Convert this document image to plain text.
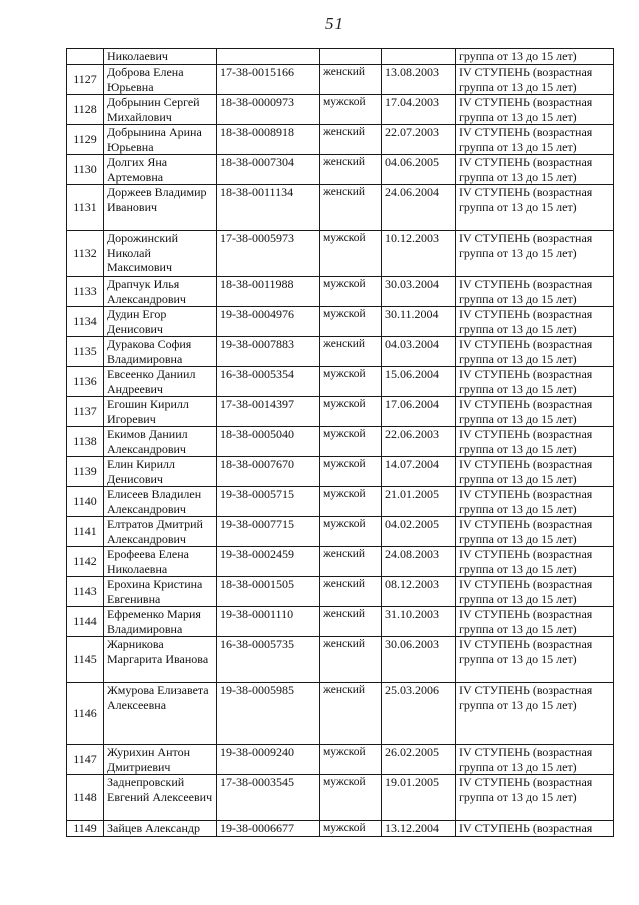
51
	Николаевич				группа от 13 до 15 лет)
1127	Доброва Елена Юрьевна	17-38-0015166	женский	13.08.2003	IV СТУПЕНЬ (возрастная группа от 13 до 15 лет)
1128	Добрынин Сергей Михайлович	18-38-0000973	мужской	17.04.2003	IV СТУПЕНЬ (возрастная группа от 13 до 15 лет)
1129	Добрынина Арина Юрьевна	18-38-0008918	женский	22.07.2003	IV СТУПЕНЬ (возрастная группа от 13 до 15 лет)
1130	Долгих Яна Артемовна	18-38-0007304	женский	04.06.2005	IV СТУПЕНЬ (возрастная группа от 13 до 15 лет)
1131	Доржеев Владимир Иванович	18-38-0011134	женский	24.06.2004	IV СТУПЕНЬ (возрастная группа от 13 до 15 лет)
1132	Дорожинский Николай Максимович	17-38-0005973	мужской	10.12.2003	IV СТУПЕНЬ (возрастная группа от 13 до 15 лет)
1133	Драпчук Илья Александрович	18-38-0011988	мужской	30.03.2004	IV СТУПЕНЬ (возрастная группа от 13 до 15 лет)
1134	Дудин Егор Денисович	19-38-0004976	мужской	30.11.2004	IV СТУПЕНЬ (возрастная группа от 13 до 15 лет)
1135	Дуракова София Владимировна	19-38-0007883	женский	04.03.2004	IV СТУПЕНЬ (возрастная группа от 13 до 15 лет)
1136	Евсеенко Даниил Андреевич	16-38-0005354	мужской	15.06.2004	IV СТУПЕНЬ (возрастная группа от 13 до 15 лет)
1137	Егошин Кирилл Игоревич	17-38-0014397	мужской	17.06.2004	IV СТУПЕНЬ (возрастная группа от 13 до 15 лет)
1138	Екимов Даниил Александрович	18-38-0005040	мужской	22.06.2003	IV СТУПЕНЬ (возрастная группа от 13 до 15 лет)
1139	Елин Кирилл Денисович	18-38-0007670	мужской	14.07.2004	IV СТУПЕНЬ (возрастная группа от 13 до 15 лет)
1140	Елисеев Владилен Александрович	19-38-0005715	мужской	21.01.2005	IV СТУПЕНЬ (возрастная группа от 13 до 15 лет)
1141	Елтратов Дмитрий Александрович	19-38-0007715	мужской	04.02.2005	IV СТУПЕНЬ (возрастная группа от 13 до 15 лет)
1142	Ерофеева Елена Николаевна	19-38-0002459	женский	24.08.2003	IV СТУПЕНЬ (возрастная группа от 13 до 15 лет)
1143	Ерохина Кристина Евгенивна	18-38-0001505	женский	08.12.2003	IV СТУПЕНЬ (возрастная группа от 13 до 15 лет)
1144	Ефременко Мария Владимировна	19-38-0001110	женский	31.10.2003	IV СТУПЕНЬ (возрастная группа от 13 до 15 лет)
1145	Жарникова Маргарита Иванова	16-38-0005735	женский	30.06.2003	IV СТУПЕНЬ (возрастная группа от 13 до 15 лет)
1146	Жмурова Елизавета Алексеевна	19-38-0005985	женский	25.03.2006	IV СТУПЕНЬ (возрастная группа от 13 до 15 лет)
1147	Журихин Антон Дмитриевич	19-38-0009240	мужской	26.02.2005	IV СТУПЕНЬ (возрастная группа от 13 до 15 лет)
1148	Заднепровский Евгений Алексеевич	17-38-0003545	мужской	19.01.2005	IV СТУПЕНЬ (возрастная группа от 13 до 15 лет)
1149	Зайцев Александр	19-38-0006677	мужской	13.12.2004	IV СТУПЕНЬ (возрастная
